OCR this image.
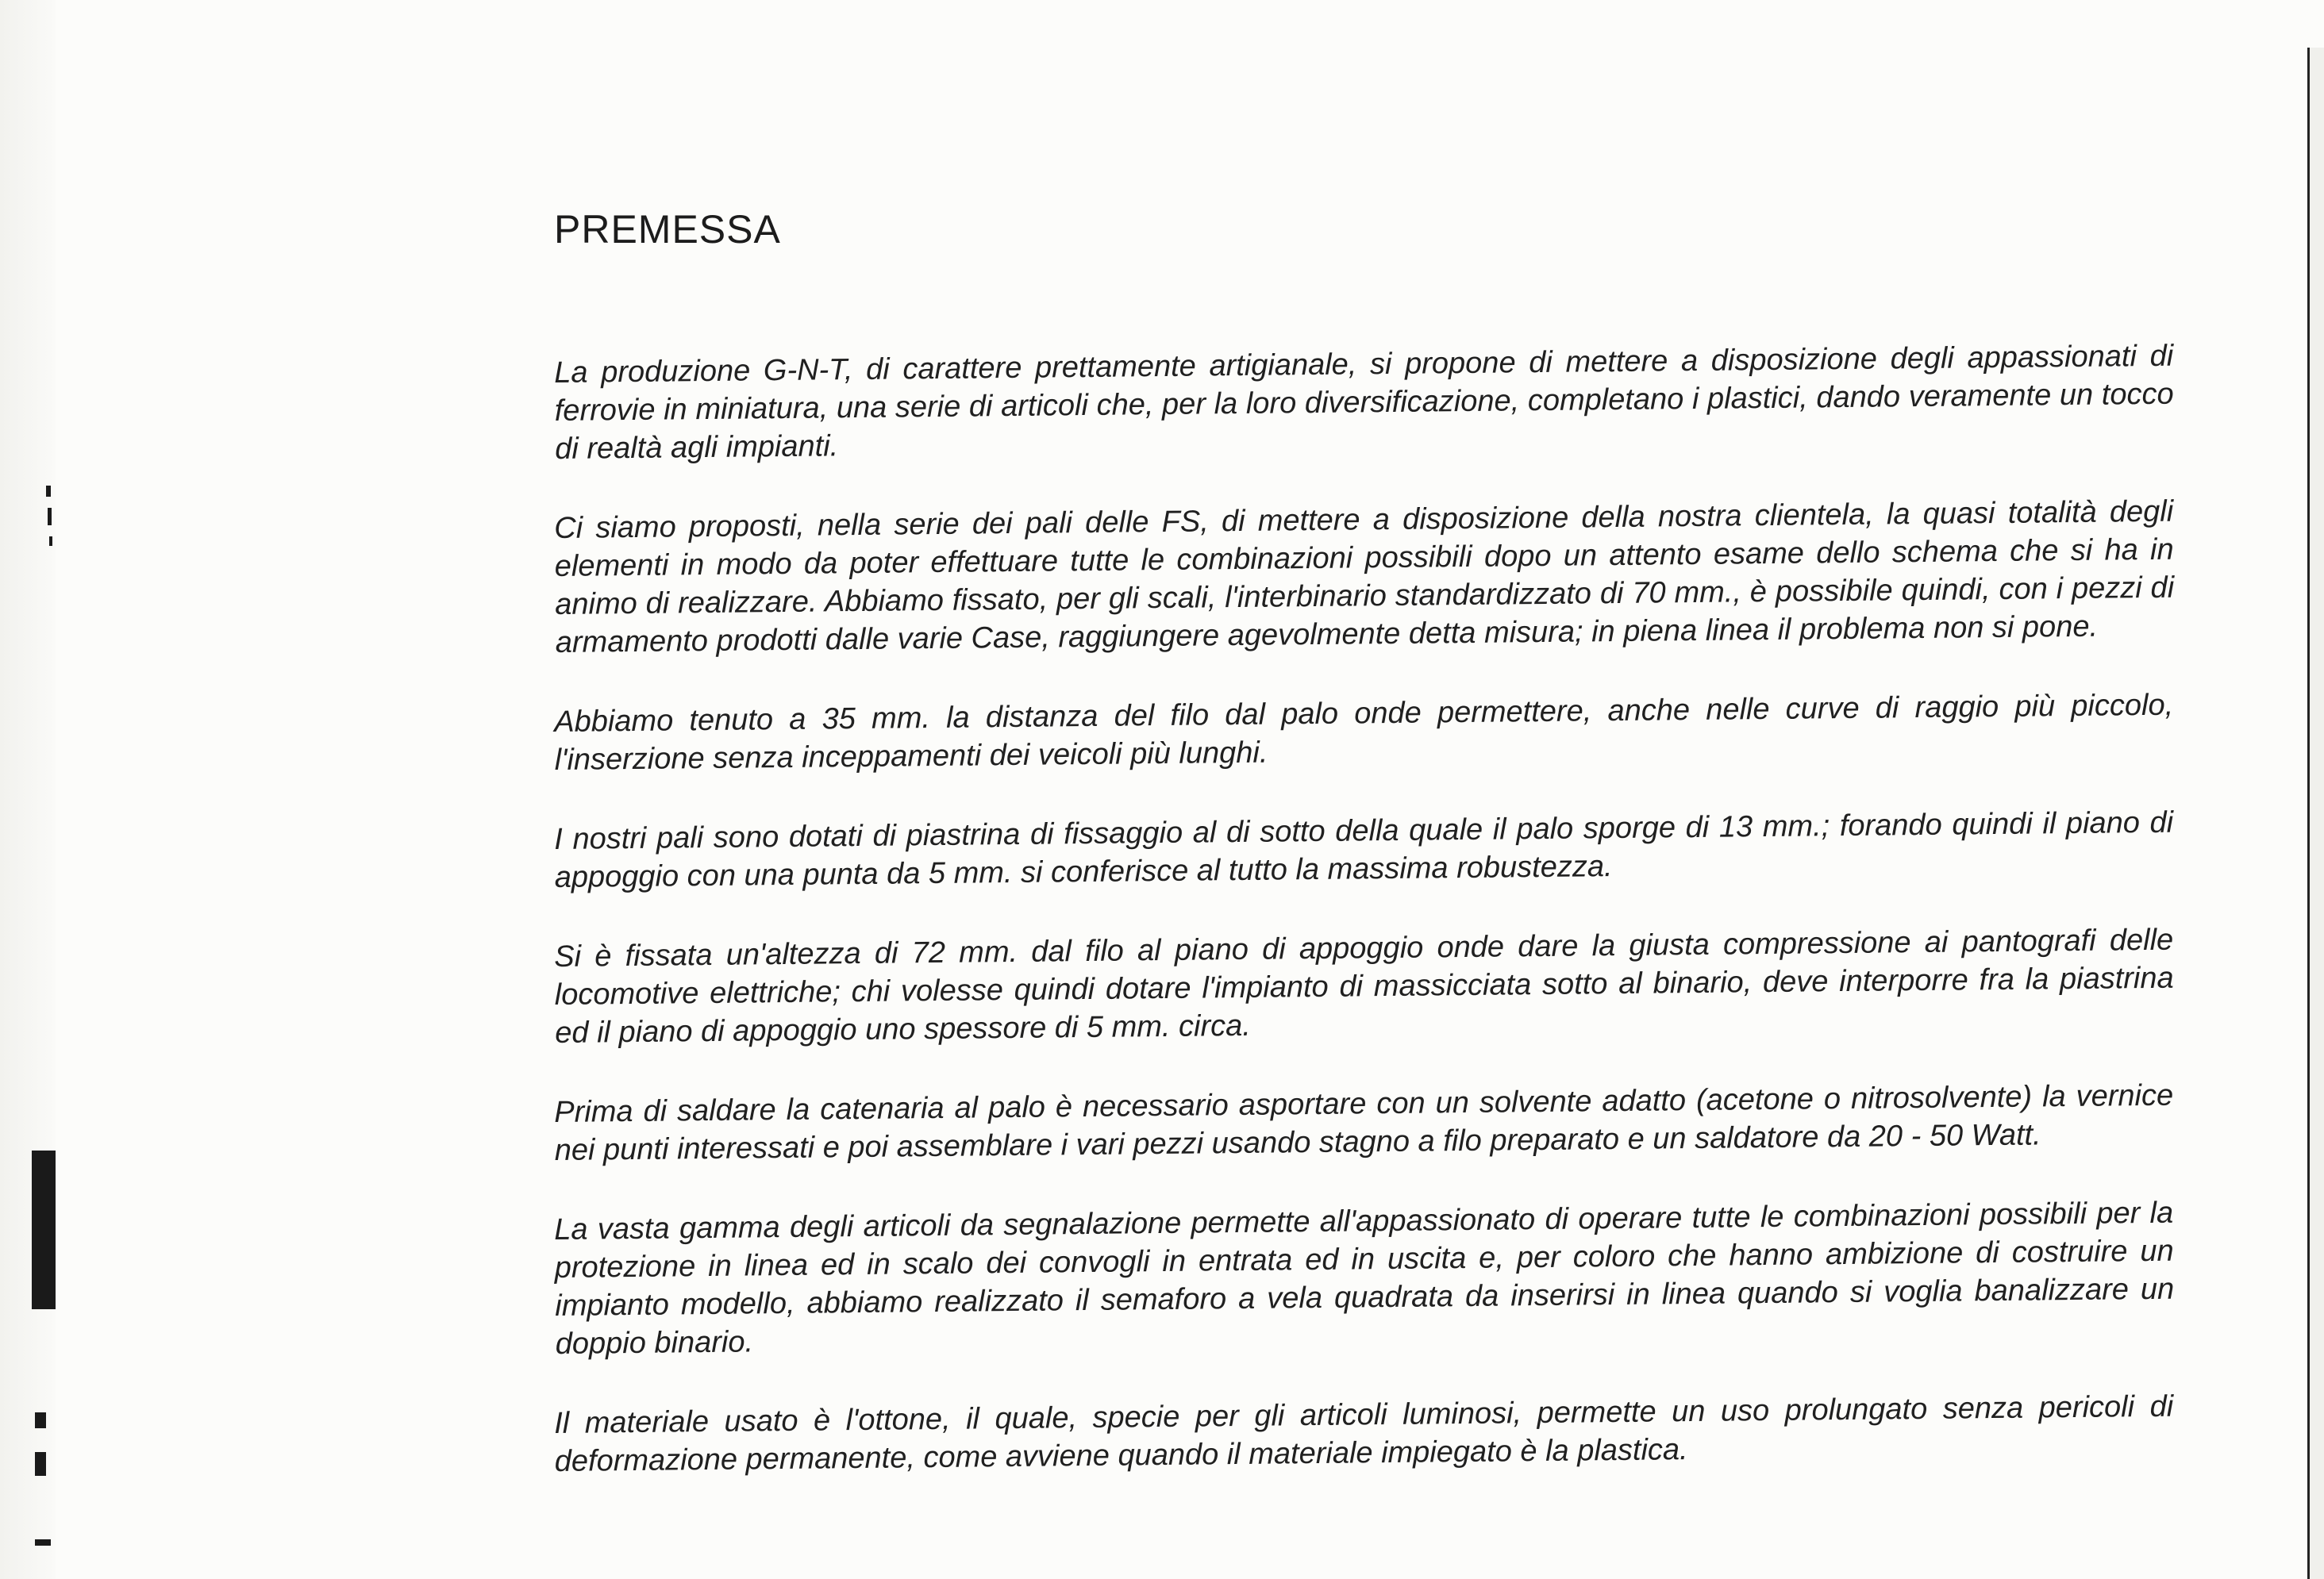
PREMESSA

La produzione G-N-T, di carattere prettamente artigianale, si propone di mettere a disposizione degli appassionati di ferrovie in miniatura, una serie di articoli che, per la loro diversificazione, completano i plastici, dando veramente un tocco di realtà agli impianti.

Ci siamo proposti, nella serie dei pali delle FS, di mettere a disposizione della nostra clientela, la quasi totalità degli elementi in modo da poter effettuare tutte le combinazioni possibili dopo un attento esame dello schema che si ha in animo di realizzare. Abbiamo fissato, per gli scali, l'interbinario standardizzato di 70 mm., è possibile quindi, con i pezzi di armamento prodotti dalle varie Case, raggiungere agevolmente detta misura; in piena linea il problema non si pone.

Abbiamo tenuto a 35 mm. la distanza del filo dal palo onde permettere, anche nelle curve di raggio più piccolo, l'inserzione senza inceppamenti dei veicoli più lunghi.

I nostri pali sono dotati di piastrina di fissaggio al di sotto della quale il palo sporge di 13 mm.; forando quindi il piano di appoggio con una punta da 5 mm. si conferisce al tutto la massima robustezza.

Si è fissata un'altezza di 72 mm. dal filo al piano di appoggio onde dare la giusta compressione ai pantografi delle locomotive elettriche; chi volesse quindi dotare l'impianto di massicciata sotto al binario, deve interporre fra la piastrina ed il piano di appoggio uno spessore di 5 mm. circa.

Prima di saldare la catenaria al palo è necessario asportare con un solvente adatto (acetone o nitrosolvente) la vernice nei punti interessati e poi assemblare i vari pezzi usando stagno a filo preparato e un saldatore da 20 - 50 Watt.

La vasta gamma degli articoli da segnalazione permette all'appassionato di operare tutte le combinazioni possibili per la protezione in linea ed in scalo dei convogli in entrata ed in uscita e, per coloro che hanno ambizione di costruire un impianto modello, abbiamo realizzato il semaforo a vela quadrata da inserirsi in linea quando si voglia banalizzare un doppio binario.

Il materiale usato è l'ottone, il quale, specie per gli articoli luminosi, permette un uso prolungato senza pericoli di deformazione permanente, come avviene quando il materiale impiegato è la plastica.
